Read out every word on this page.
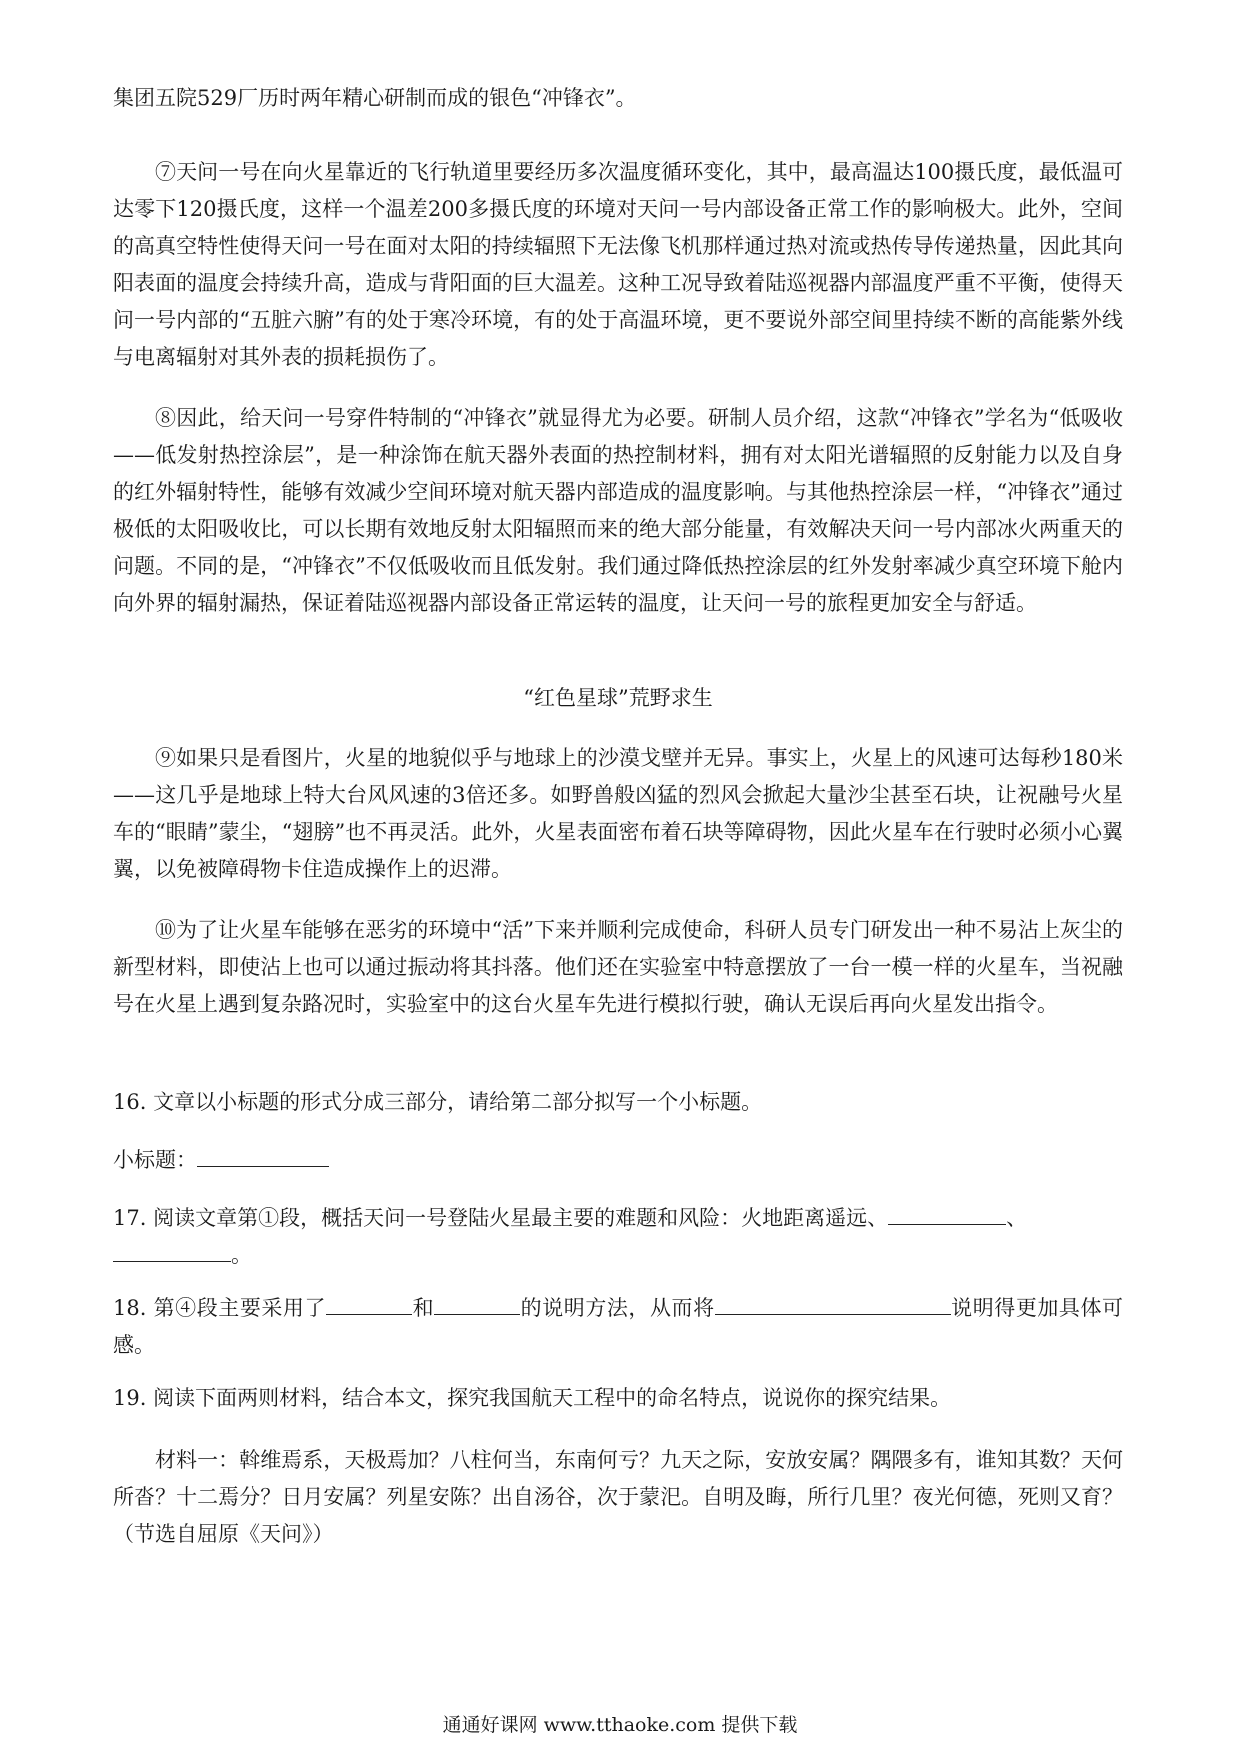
集团五院529厂历时两年精心研制而成的银色“冲锋衣”。

⑦天问一号在向火星靠近的飞行轨道里要经历多次温度循环变化，其中，最高温达100摄氏度，最低温可达零下120摄氏度，这样一个温差200多摄氏度的环境对天问一号内部设备正常工作的影响极大。此外，空间的高真空特性使得天问一号在面对太阳的持续辐照下无法像飞机那样通过热对流或热传导传递热量，因此其向阳表面的温度会持续升高，造成与背阳面的巨大温差。这种工况导致着陆巡视器内部温度严重不平衡，使得天问一号内部的“五脏六腑”有的处于寒冷环境，有的处于高温环境，更不要说外部空间里持续不断的高能紫外线与电离辐射对其外表的损耗损伤了。

⑧因此，给天问一号穿件特制的“冲锋衣”就显得尤为必要。研制人员介绍，这款“冲锋衣”学名为“低吸收——低发射热控涂层”，是一种涂饰在航天器外表面的热控制材料，拥有对太阳光谱辐照的反射能力以及自身的红外辐射特性，能够有效减少空间环境对航天器内部造成的温度影响。与其他热控涂层一样，“冲锋衣”通过极低的太阳吸收比，可以长期有效地反射太阳辐照而来的绝大部分能量，有效解决天问一号内部冰火两重天的问题。不同的是，“冲锋衣”不仅低吸收而且低发射。我们通过降低热控涂层的红外发射率减少真空环境下舱内向外界的辐射漏热，保证着陆巡视器内部设备正常运转的温度，让天问一号的旅程更加安全与舒适。

“红色星球”荒野求生

⑨如果只是看图片，火星的地貌似乎与地球上的沙漠戈壁并无异。事实上，火星上的风速可达每秒180米——这几乎是地球上特大台风风速的3倍还多。如野兽般凶猛的烈风会掀起大量沙尘甚至石块，让祝融号火星车的“眼睛”蒙尘，“翅膀”也不再灵活。此外，火星表面密布着石块等障碍物，因此火星车在行驶时必须小心翼翼，以免被障碍物卡住造成操作上的迟滞。

⑩为了让火星车能够在恶劣的环境中“活”下来并顺利完成使命，科研人员专门研发出一种不易沾上灰尘的新型材料，即使沾上也可以通过振动将其抖落。他们还在实验室中特意摆放了一台一模一样的火星车，当祝融号在火星上遇到复杂路况时，实验室中的这台火星车先进行模拟行驶，确认无误后再向火星发出指令。

16. 文章以小标题的形式分成三部分，请给第二部分拟写一个小标题。

小标题：

17. 阅读文章第①段，概括天问一号登陆火星最主要的难题和风险：火地距离遥远、	、
。

18. 第④段主要采用了	和	的说明方法，从而将	说明得更加具体可感。

19. 阅读下面两则材料，结合本文，探究我国航天工程中的命名特点，说说你的探究结果。

材料一：斡维焉系，天极焉加？八柱何当，东南何亏？九天之际，安放安属？隅隈多有，谁知其数？天何所沓？十二焉分？日月安属？列星安陈？出自汤谷，次于蒙汜。自明及晦，所行几里？夜光何德，死则又育？（节选自屈原《天问》）

通通好课网 www.tthaoke.com 提供下载
